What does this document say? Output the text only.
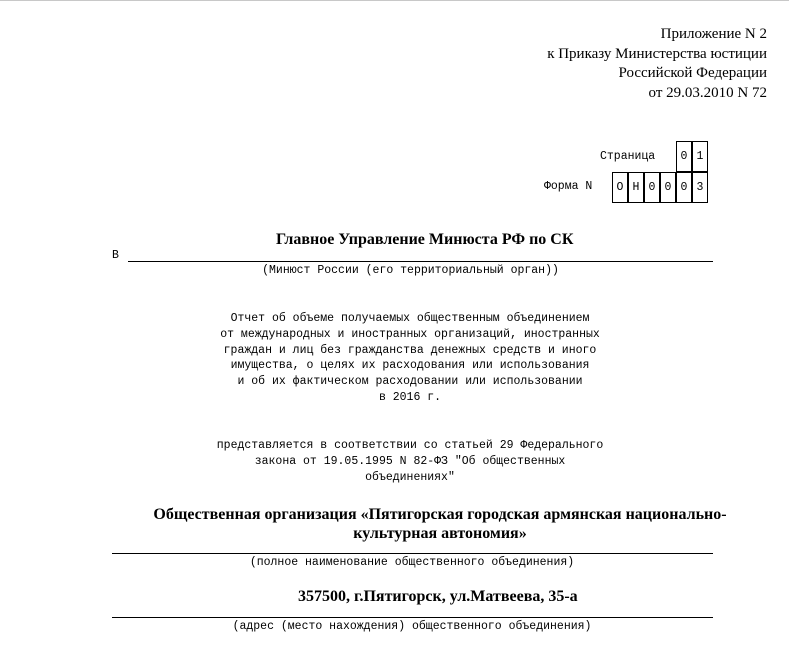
Приложение N 2
к Приказу Министерства юстиции
Российской Федерации
от 29.03.2010 N 72
Страница	0 1
Форма N	О Н 0 0 0 3
Главное Управление Минюста РФ по СК
В
(Минюст России (его территориальный орган))
Отчет об объеме получаемых общественным объединением
от международных и иностранных организаций, иностранных
граждан и лиц без гражданства денежных средств и иного
имущества, о целях их расходования или использования
и об их фактическом расходовании или использовании
в 2016 г.
представляется в соответствии со статьей 29 Федерального
закона от 19.05.1995 N 82-ФЗ "Об общественных
объединениях"
Общественная организация «Пятигорская городская армянская национально-
культурная автономия»
(полное наименование общественного объединения)
357500, г.Пятигорск, ул.Матвеева, 35-а
(адрес (место нахождения) общественного объединения)
